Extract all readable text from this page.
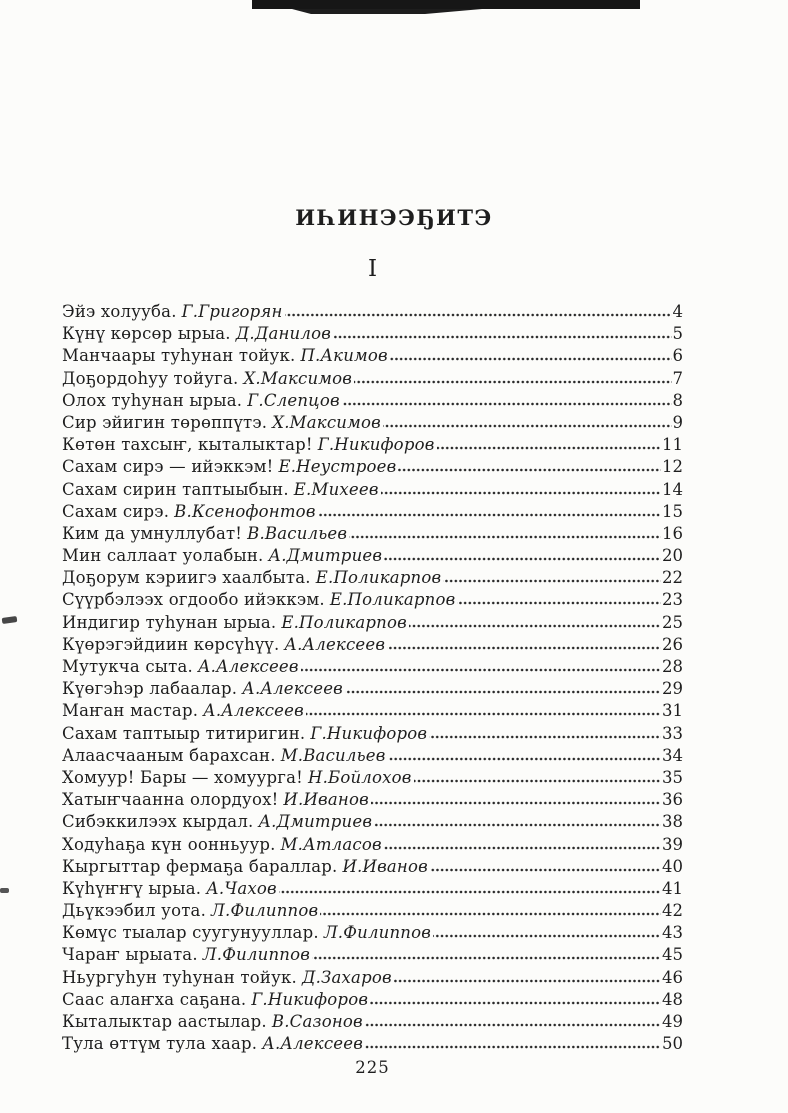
ИҺИНЭЭҔИТЭ
I
Эйэ холууба. Г.Григорян	4
Күнү көрсөр ырыа. Д.Данилов	5
Манчаары туһунан тойук. П.Акимов	6
Доҕордоһуу тойуга. Х.Максимов	7
Олох туһунан ырыа. Г.Слепцов	8
Сир эйигин төрөппүтэ. Х.Максимов	9
Көтөн тахсыҥ, кыталыктар! Г.Никифоров	11
Сахам сирэ — ийэккэм! Е.Неустроев	12
Сахам сирин таптыыбын. Е.Михеев	14
Сахам сирэ. В.Ксенофонтов	15
Ким да умнуллубат! В.Васильев	16
Мин саллаат уолабын. А.Дмитриев	20
Доҕорум кэриигэ хаалбыта. Е.Поликарпов	22
Сүүрбэлээх огдообо ийэккэм. Е.Поликарпов	23
Индигир туһунан ырыа. Е.Поликарпов	25
Күөрэгэйдиин көрсүһүү. А.Алексеев	26
Мутукча сыта. А.Алексеев	28
Күөгэһэр лабаалар. А.Алексеев	29
Маҥан мастар. А.Алексеев	31
Сахам таптыыр титиригин. Г.Никифоров	33
Алаасчааным барахсан. М.Васильев	34
Хомуур! Бары — хомуурга! Н.Бойлохов	35
Хатыҥчаанна олордуох! И.Иванов	36
Сибэккилээх кырдал. А.Дмитриев	38
Ходуһаҕа күн оонньуур. М.Атласов	39
Кыргыттар фермаҕа бараллар. И.Иванов	40
Күһүҥҥү ырыа. А.Чахов	41
Дьүкээбил уота. Л.Филиппов	42
Көмүс тыалар суугунууллар. Л.Филиппов	43
Чараҥ ырыата. Л.Филиппов	45
Ньургуһун туһунан тойук. Д.Захаров	46
Саас алаҥха саҕана. Г.Никифоров	48
Кыталыктар аастылар. В.Сазонов	49
Тула өттүм тула хаар. А.Алексеев	50
225
